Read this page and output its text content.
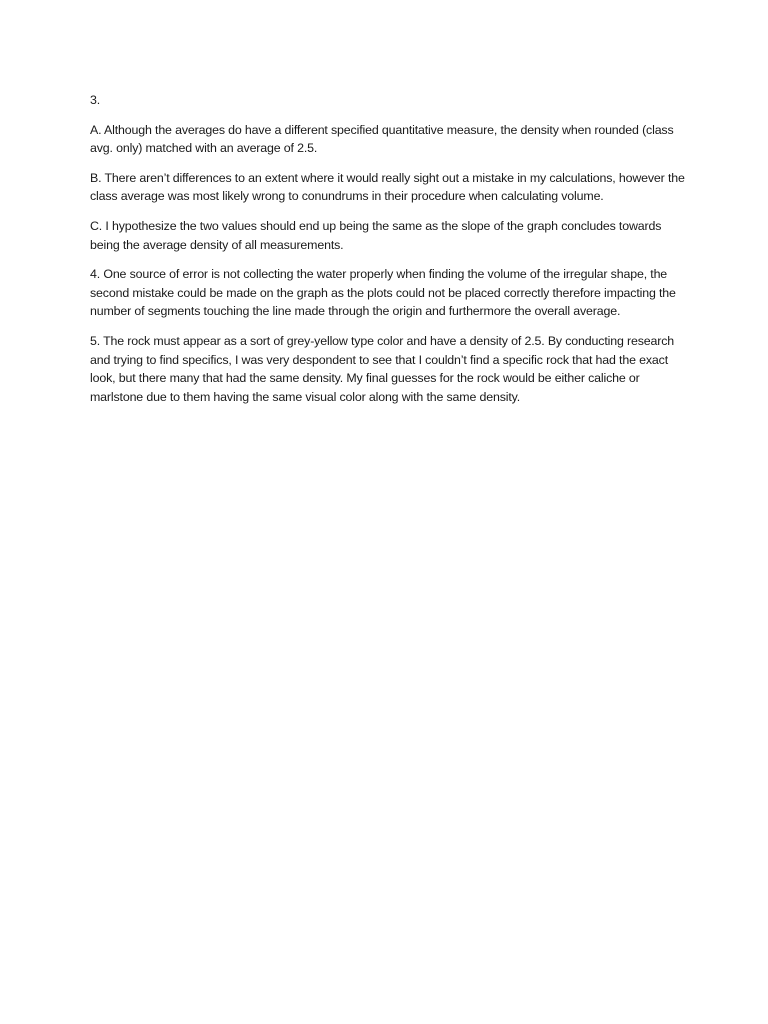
3.

A. Although the averages do have a different specified quantitative measure, the density when rounded (class avg. only) matched with an average of 2.5.

B. There aren’t differences to an extent where it would really sight out a mistake in my calculations, however the class average was most likely wrong to conundrums in their procedure when calculating volume.

C. I hypothesize the two values should end up being the same as the slope of the graph concludes towards being the average density of all measurements.

4. One source of error is not collecting the water properly when finding the volume of the irregular shape, the second mistake could be made on the graph as the plots could not be placed correctly therefore impacting the number of segments touching the line made through the origin and furthermore the overall average.

5. The rock must appear as a sort of grey-yellow type color and have a density of 2.5. By conducting research and trying to find specifics, I was very despondent to see that I couldn’t find a specific rock that had the exact look, but there many that had the same density. My final guesses for the rock would be either caliche or marlstone due to them having the same visual color along with the same density.
